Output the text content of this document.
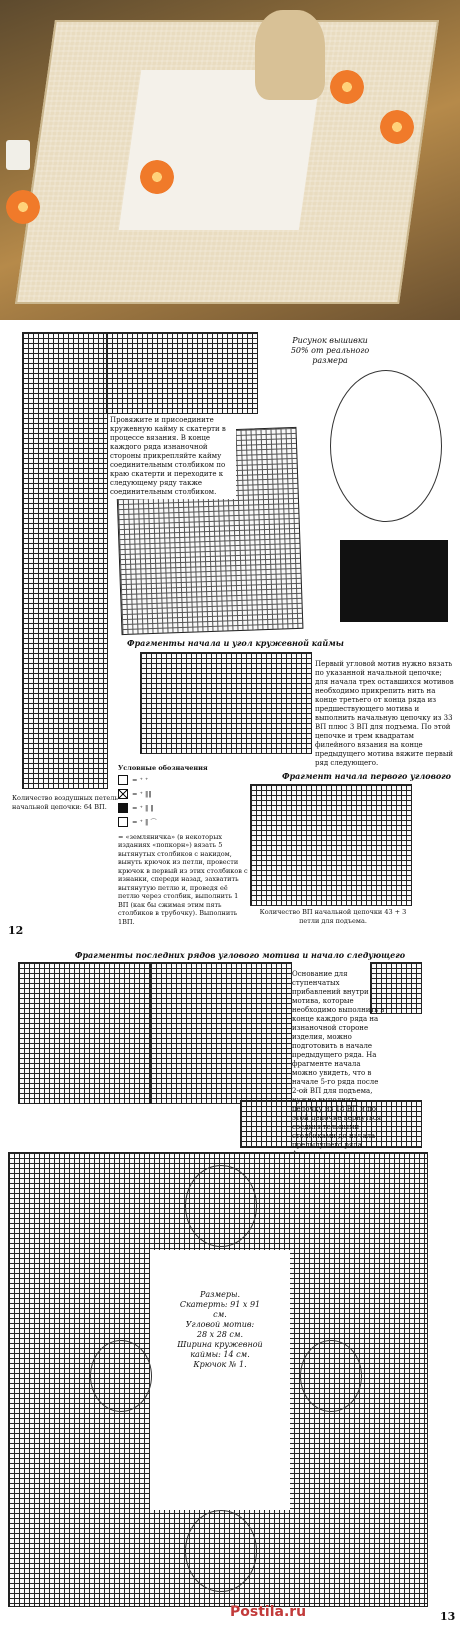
Провяжите и присоедините кружевную кайму к скатерти в процессе вязания. В конце каждого ряда изнаночной стороны прикрепляйте кайму соединительным столбиком по краю скатерти и переходите к следующему ряду также соединительным столбиком.
Рисунок вышивки 50% от реального размера
Фрагменты начала и угол кружевной каймы
Первый угловой мотив нужно вязать по указанной начальной цепочке; для начала трех оставшихся мотивов необходимо прикрепить нить на конце третьего от конца ряда из предшествующего мотива и выполнить начальную цепочку из 33 ВП плюс 3 ВП для подъема. По этой цепочке и трем квадратам филейного вязания на конце предыдущего мотива вяжите первый ряд следующего.
Количество воздушных петель начальной цепочки: 64 ВП.
Условные обозначения
= ⁺ ⁺
= ⁺ ‖‖
= ⁺ ‖ ‖
= ⁺ ‖ ⌒
= «земляничка» (в некоторых изданиях «попкорн») вязать 5 вытянутых столбиков с накидом, вынуть крючок из петли, провести крючок в первый из этих столбиков с изнанки, спереди назад, захватить вытянутую петлю и, проведя её петлю через столбик, выполнить 1 ВП (как бы сжимая этим пять столбиков в трубочку). Выполнить 1ВП.
Фрагмент начала первого углового
Количество ВП начальной цепочки 43 + 3 петли для подъема.
12
Фрагменты последних рядов углового мотива и начало следующего
Основание для ступенчатых прибавлений внутри мотива, которые необходимо выполнить в конце каждого ряда на изнаночной стороне изделия, можно подготовить в начале предыдущего ряда. На фрагменте начала можно увидеть, что в начале 5-го ряда после 2-ой ВП для подъема, нужно выполнить цепочку из 18 ВП и по этой цепочке вернуться соединительными столбиками до начала предыдущего ряда.
Размеры.
Скатерть: 91 х 91 см.
Угловой мотив:
28 х 28 см.
Ширина кружевной каймы: 14 см.
Крючок № 1.
Postila.ru	13
